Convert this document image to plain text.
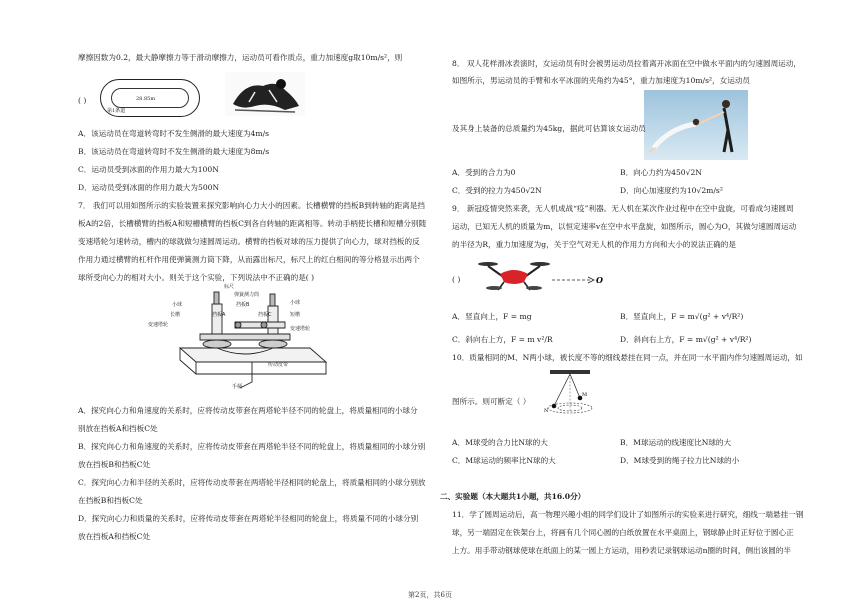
摩擦因数为0.2，最大静摩擦力等于滑动摩擦力，运动员可看作质点，重力加速度g取10m/s²，则
( )	28.85m
第1条道
A．该运动员在弯道转弯时不发生侧滑的最大速度为4m/s
B．该运动员在弯道转弯时不发生侧滑的最大速度为8m/s
C．运动员受到冰面的作用力最大为100N
D．运动员受到冰面的作用力最大为500N
7． 我们可以用如图所示的实验装置来探究影响向心力大小的因素。长槽横臂的挡板B到转轴的距离是挡
板A的2倍，长槽横臂的挡板A和短槽横臂的挡板C到各自转轴的距离相等。转动手柄使长槽和短槽分别随
变速塔轮匀速转动，槽内的球就做匀速圆周运动。横臂的挡板对球的压力提供了向心力，球对挡板的反
作用力通过横臂的杠杆作用使弹簧测力筒下降，从而露出标尺，标尺上的红白相间的等分格显示出两个
球所受向心力的相对大小。则关于这个实验，下列说法中不正确的是( )
标尺
弹簧测力筒
小球	挡板B	小球
长槽	挡板A	短槽
挡板C
变速塔轮
变速塔轮
传动皮带
手柄
A．探究向心力和角速度的关系时，应将传动皮带套在两塔轮半径不同的轮盘上，将质量相同的小球分
别放在挡板A和挡板C处
B．探究向心力和角速度的关系时，应将传动皮带套在两塔轮半径不同的轮盘上，将质量相同的小球分别
放在挡板B和挡板C处
C．探究向心力和半径的关系时，应将传动皮带套在两塔轮半径相同的轮盘上，将质量相同的小球分别放
在挡板B和挡板C处
D．探究向心力和质量的关系时，应将传动皮带套在两塔轮半径相同的轮盘上，将质量不同的小球分别
放在挡板A和挡板C处
8． 双人花样滑冰表演时，女运动员有时会被男运动员拉着离开冰面在空中做水平面内的匀速圆周运动，
如图所示，男运动员的手臂和水平冰面的夹角约为45°，重力加速度为10m/s²，女运动员
及其身上装备的总质量约为45kg，据此可估算该女运动员
A．受到的合力为0	B．向心力约为450√2N
C．受到的拉力为450√2N	D．向心加速度约为10√2m/s²
9． 新冠疫情突然来袭，无人机成战“疫”利器。无人机在某次作业过程中在空中盘旋，可看成匀速圆周
运动，已知无人机的质量为m，以恒定速率v在空中水平盘旋，如图所示，圆心为O，其做匀速圆周运动
的半径为R，重力加速度为g，关于空气对无人机的作用力方向和大小的说法正确的是
( )	O
A．竖直向上，F = mg	B．竖直向上，F = m√(g² + v⁴/R²)
C．斜向右上方，F = m v²/R	D．斜向右上方，F = m√(g² + v⁴/R²)
10．质量相同的M、N两小球，被长度不等的细线悬挂在同一点，并在同一水平面内作匀速圆周运动，如
N
M
图所示。则可断定（ ）
A．M球受的合力比N球的大	B．M球运动的线速度比N球的大
C．M球运动的频率比N球的大	D．M球受到的绳子拉力比N球的小
二、实验题（本大题共1小题，共16.0分）
11．学了圆周运动后，高一物理兴趣小组的同学们设计了如图所示的实验来进行研究，细线一端悬挂一钢
球，另一端固定在铁架台上，将画有几个同心圆的白纸放置在水平桌面上，钢球静止时正好位于圆心正
上方。用手带动钢球使球在纸面上的某一圆上方运动，用秒表记录钢球运动n圈的时间，侧出该圆的半
第2页，共6页
